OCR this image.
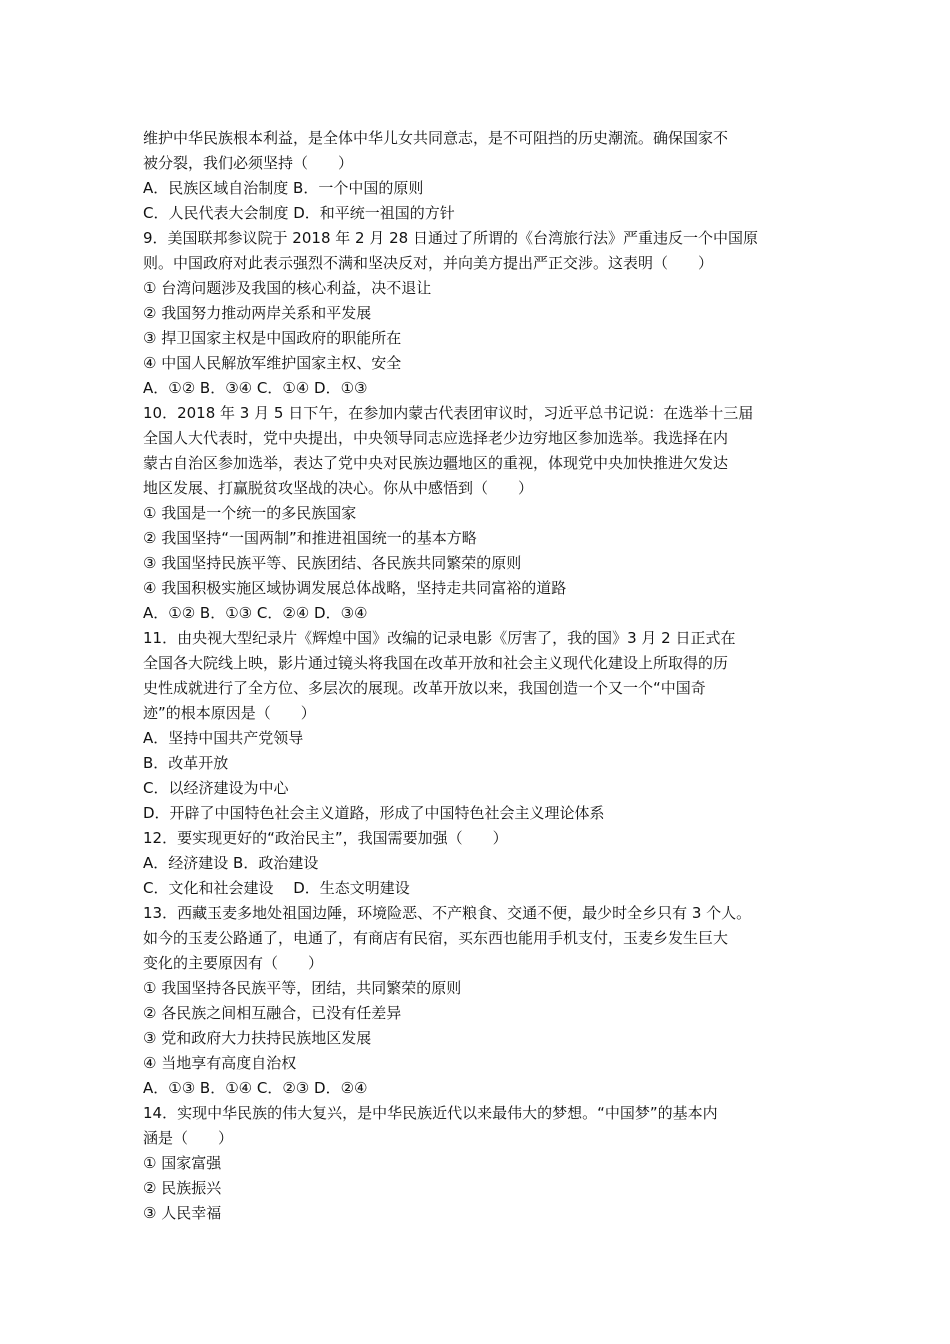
维护中华民族根本利益，是全体中华儿女共同意志，是不可阻挡的历史潮流。确保国家不
被分裂，我们必须坚持（　　）
A．民族区域自治制度 B．一个中国的原则
C．人民代表大会制度 D．和平统一祖国的方针
9．美国联邦参议院于 2018 年 2 月 28 日通过了所谓的《台湾旅行法》严重违反一个中国原
则。中国政府对此表示强烈不满和坚决反对，并向美方提出严正交涉。这表明（　　）
① 台湾问题涉及我国的核心利益，决不退让
② 我国努力推动两岸关系和平发展
③ 捍卫国家主权是中国政府的职能所在
④ 中国人民解放军维护国家主权、安全
A．①② B．③④ C．①④ D．①③
10．2018 年 3 月 5 日下午，在参加内蒙古代表团审议时，习近平总书记说：在选举十三届
全国人大代表时，党中央提出，中央领导同志应选择老少边穷地区参加选举。我选择在内
蒙古自治区参加选举，表达了党中央对民族边疆地区的重视，体现党中央加快推进欠发达
地区发展、打赢脱贫攻坚战的决心。你从中感悟到（　　）
① 我国是一个统一的多民族国家
② 我国坚持“一国两制”和推进祖国统一的基本方略
③ 我国坚持民族平等、民族团结、各民族共同繁荣的原则
④ 我国积极实施区域协调发展总体战略，坚持走共同富裕的道路
A．①② B．①③ C．②④ D．③④
11．由央视大型纪录片《辉煌中国》改编的记录电影《厉害了，我的国》3 月 2 日正式在
全国各大院线上映，影片通过镜头将我国在改革开放和社会主义现代化建设上所取得的历
史性成就进行了全方位、多层次的展现。改革开放以来，我国创造一个又一个“中国奇
迹”的根本原因是（　　）
A．坚持中国共产党领导
B．改革开放
C．以经济建设为中心
D．开辟了中国特色社会主义道路，形成了中国特色社会主义理论体系
12．要实现更好的“政治民主”，我国需要加强（　　）
A．经济建设 B．政治建设
C．文化和社会建设　 D．生态文明建设
13．西藏玉麦多地处祖国边陲，环境险恶、不产粮食、交通不便，最少时全乡只有 3 个人。
如今的玉麦公路通了，电通了，有商店有民宿，买东西也能用手机支付，玉麦乡发生巨大
变化的主要原因有（　　）
① 我国坚持各民族平等，团结，共同繁荣的原则
② 各民族之间相互融合，已没有任差异
③ 党和政府大力扶持民族地区发展
④ 当地享有高度自治权
A．①③ B．①④ C．②③ D．②④
14．实现中华民族的伟大复兴，是中华民族近代以来最伟大的梦想。“中国梦”的基本内
涵是（　　）
① 国家富强
② 民族振兴
③ 人民幸福
